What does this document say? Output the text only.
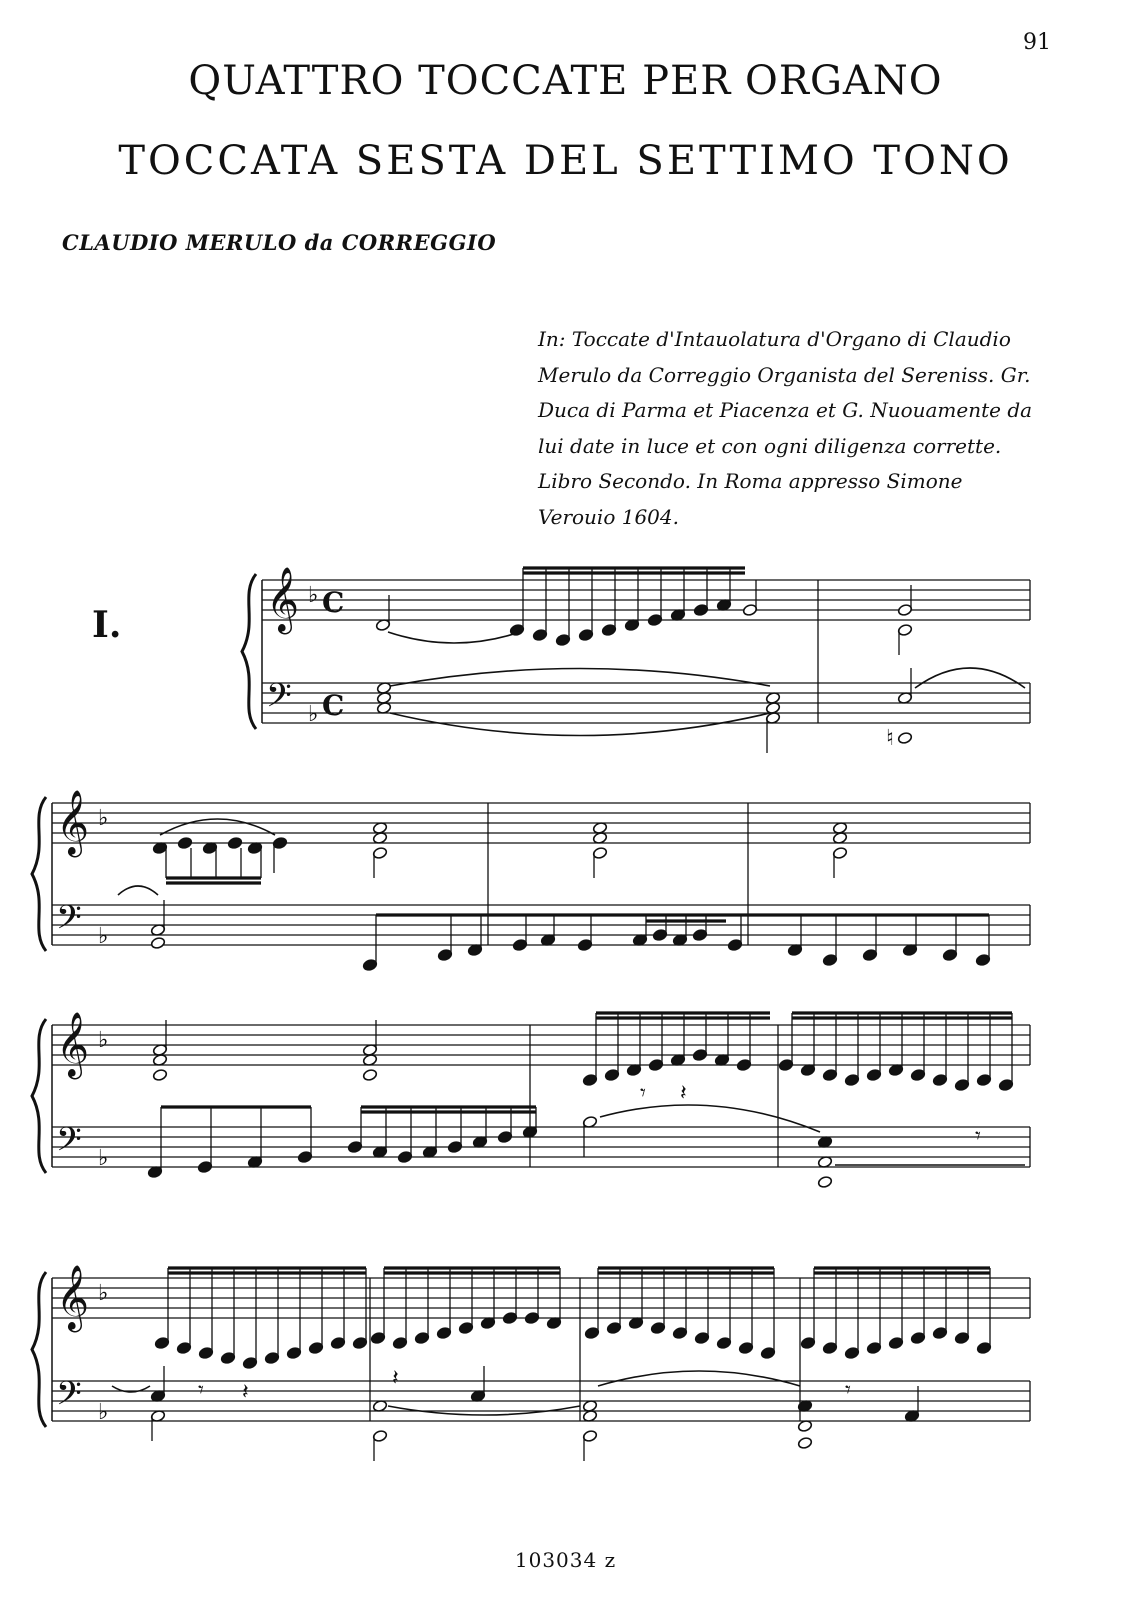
91
QUATTRO TOCCATE PER ORGANO
TOCCATA SESTA DEL SETTIMO TONO
CLAUDIO MERULO da CORREGGIO
In: Toccate d'Intauolatura d'Organo di Claudio Merulo da Correggio Organista del Sereniss. Gr. Duca di Parma et Piacenza et G. Nuouamente da lui date in luce et con ogni diligenza corrette. Libro Secondo. In Roma appresso Simone Verouio 1604.
I.
103034 z
𝄞
𝄢
♭
♭
C
C
𝄞
𝄢
♭
♭
𝄞
𝄢
♭
♭
𝄞
𝄢
♭
♭
♮
𝄾 𝄽
𝄾
𝄾 𝄽
𝄽	𝄾
